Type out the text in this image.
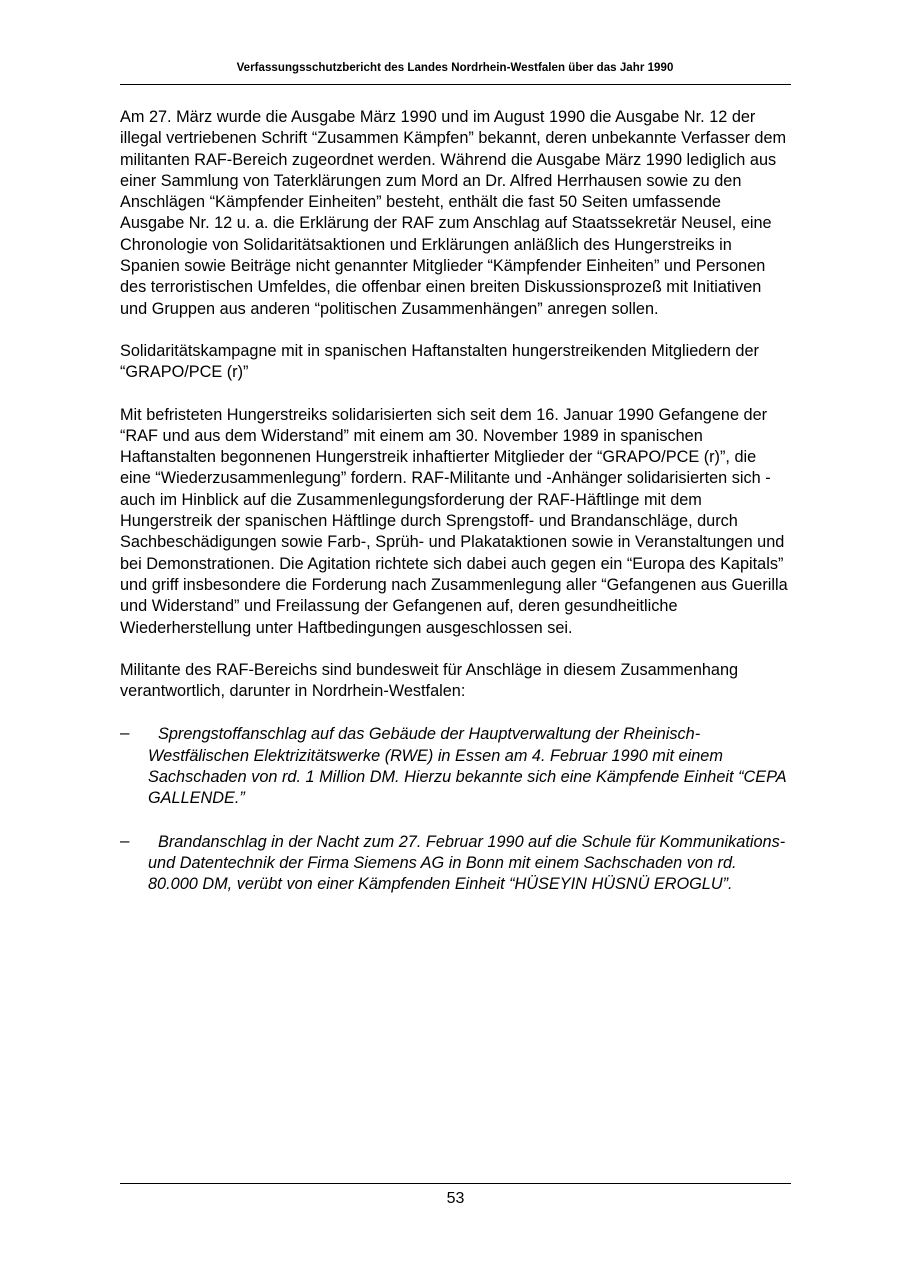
Verfassungsschutzbericht des Landes Nordrhein-Westfalen über das Jahr 1990

Am 27. März wurde die Ausgabe März 1990 und im August 1990 die Ausgabe Nr. 12 der illegal vertriebenen Schrift “Zusammen Kämpfen” bekannt, deren unbekannte Verfasser dem militanten RAF-Bereich zugeordnet werden. Während die Ausgabe März 1990 lediglich aus einer Sammlung von Taterklärungen zum Mord an Dr. Alfred Herrhausen sowie zu den Anschlägen “Kämpfender Einheiten” besteht, enthält die fast 50 Seiten umfassende Ausgabe Nr. 12 u. a. die Erklärung der RAF zum Anschlag auf Staatssekretär Neusel, eine Chronologie von Solidaritätsaktionen und Erklärungen anläßlich des Hungerstreiks in Spanien sowie Beiträge nicht genannter Mitglieder “Kämpfender Einheiten” und Personen des terroristischen Umfeldes, die offenbar einen breiten Diskussionsprozeß mit Initiativen und Gruppen aus anderen “politischen Zusammenhängen” anregen sollen.

Solidaritätskampagne mit in spanischen Haftanstalten hungerstreikenden Mitgliedern der “GRAPO/PCE (r)”

Mit befristeten Hungerstreiks solidarisierten sich seit dem 16. Januar 1990 Gefangene der “RAF und aus dem Widerstand” mit einem am 30. November 1989 in spanischen Haftanstalten begonnenen Hungerstreik inhaftierter Mitglieder der “GRAPO/PCE (r)”, die eine “Wiederzusammenlegung” fordern. RAF-Militante und -Anhänger solidarisierten sich - auch im Hinblick auf die Zusammenlegungsforderung der RAF-Häftlinge mit dem Hungerstreik der spanischen Häftlinge durch Sprengstoff- und Brandanschläge, durch Sachbeschädigungen sowie Farb-, Sprüh- und Plakataktionen sowie in Veranstaltungen und bei Demonstrationen. Die Agitation richtete sich dabei auch gegen ein “Europa des Kapitals” und griff insbesondere die Forderung nach Zusammenlegung aller “Gefangenen aus Guerilla und Widerstand” und Freilassung der Gefangenen auf, deren gesundheitliche Wiederherstellung unter Haftbedingungen ausgeschlossen sei.

Militante des RAF-Bereichs sind bundesweit für Anschläge in diesem Zusammenhang verantwortlich, darunter in Nordrhein-Westfalen:

–	Sprengstoffanschlag auf das Gebäude der Hauptverwaltung der Rheinisch-Westfälischen Elektrizitätswerke (RWE) in Essen am 4. Februar 1990 mit einem Sachschaden von rd. 1 Million DM. Hierzu bekannte sich eine Kämpfende Einheit “CEPA GALLENDE.”
–	Brandanschlag in der Nacht zum 27. Februar 1990 auf die Schule für Kommunikations- und Datentechnik der Firma Siemens AG in Bonn mit einem Sachschaden von rd. 80.000 DM, verübt von einer Kämpfenden Einheit “HÜSEYIN HÜSNÜ EROGLU”.
53
